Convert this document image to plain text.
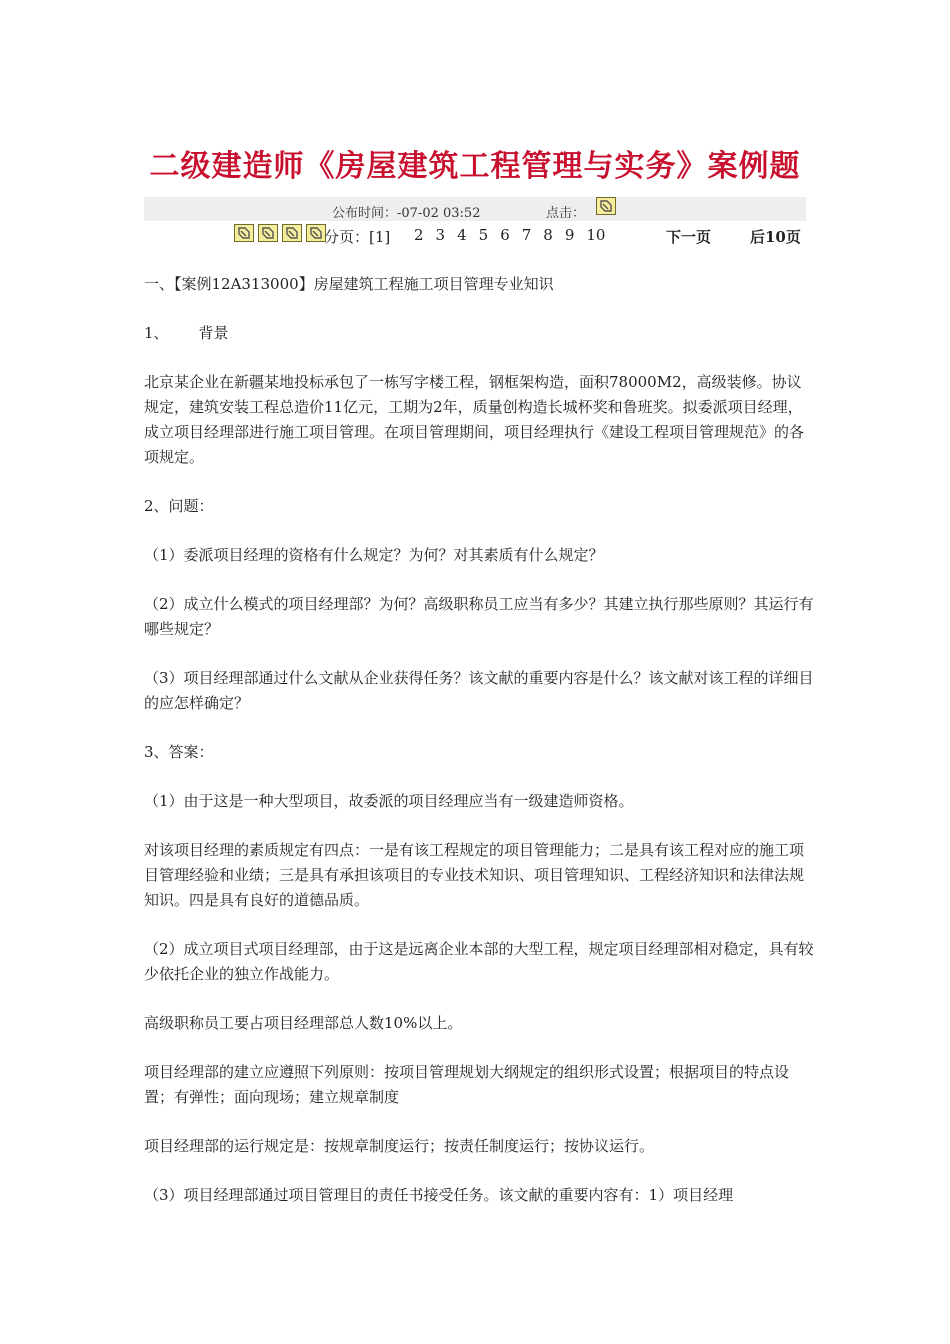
二级建造师《房屋建筑工程管理与实务》案例题
公布时间：-07-02 03:52	点击：
分页：[1] 2 3 4 5 6 7 8 9 10	下一页	后10页

一、【案例12A313000】房屋建筑工程施工项目管理专业知识

1、 背景

北京某企业在新疆某地投标承包了一栋写字楼工程，钢框架构造，面积78000M2，高级装修。协议规定，建筑安装工程总造价11亿元，工期为2年，质量创构造长城杯奖和鲁班奖。拟委派项目经理，成立项目经理部进行施工项目管理。在项目管理期间，项目经理执行《建设工程项目管理规范》的各项规定。

2、问题：

（1）委派项目经理的资格有什么规定？为何？对其素质有什么规定？

（2）成立什么模式的项目经理部？为何？高级职称员工应当有多少？其建立执行那些原则？其运行有哪些规定？

（3）项目经理部通过什么文献从企业获得任务？该文献的重要内容是什么？该文献对该工程的详细目的应怎样确定？

3、答案：

（1）由于这是一种大型项目，故委派的项目经理应当有一级建造师资格。

对该项目经理的素质规定有四点：一是有该工程规定的项目管理能力；二是具有该工程对应的施工项目管理经验和业绩；三是具有承担该项目的专业技术知识、项目管理知识、工程经济知识和法律法规知识。四是具有良好的道德品质。

（2）成立项目式项目经理部，由于这是远离企业本部的大型工程，规定项目经理部相对稳定，具有较少依托企业的独立作战能力。

高级职称员工要占项目经理部总人数10%以上。

项目经理部的建立应遵照下列原则：按项目管理规划大纲规定的组织形式设置；根据项目的特点设置；有弹性；面向现场；建立规章制度

项目经理部的运行规定是：按规章制度运行；按责任制度运行；按协议运行。

（3）项目经理部通过项目管理目的责任书接受任务。该文献的重要内容有：1）项目经理
